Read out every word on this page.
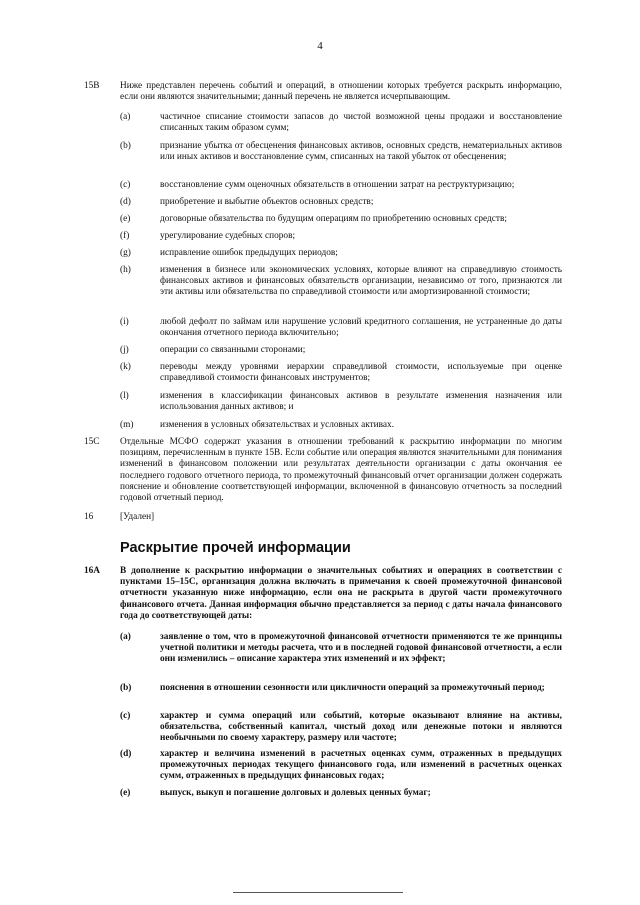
4
15B Ниже представлен перечень событий и операций, в отношении которых требуется раскрыть информацию, если они являются значительными; данный перечень не является исчерпывающим.
(a)	частичное списание стоимости запасов до чистой возможной цены продажи и восстановление списанных таким образом сумм;
(b)	признание убытка от обесценения финансовых активов, основных средств, нематериальных активов или иных активов и восстановление сумм, списанных на такой убыток от обесценения;
(c)	восстановление сумм оценочных обязательств в отношении затрат на реструктуризацию;
(d)	приобретение и выбытие объектов основных средств;
(e)	договорные обязательства по будущим операциям по приобретению основных средств;
(f)	урегулирование судебных споров;
(g)	исправление ошибок предыдущих периодов;
(h)	изменения в бизнесе или экономических условиях, которые влияют на справедливую стоимость финансовых активов и финансовых обязательств организации, независимо от того, признаются ли эти активы или обязательства по справедливой стоимости или амортизированной стоимости;
(i)	любой дефолт по займам или нарушение условий кредитного соглашения, не устраненные до даты окончания отчетного периода включительно;
(j)	операции со связанными сторонами;
(k)	переводы между уровнями иерархии справедливой стоимости, используемые при оценке справедливой стоимости финансовых инструментов;
(l)	изменения в классификации финансовых активов в результате изменения назначения или использования данных активов; и
(m)	изменения в условных обязательствах и условных активах.
15C Отдельные МСФО содержат указания в отношении требований к раскрытию информации по многим позициям, перечисленным в пункте 15B. Если событие или операция являются значительными для понимания изменений в финансовом положении или результатах деятельности организации с даты окончания ее последнего годового отчетного периода, то промежуточный финансовый отчет организации должен содержать пояснение и обновление соответствующей информации, включенной в финансовую отчетность за последний годовой отчетный период.
16	[Удален]
Раскрытие прочей информации
16A В дополнение к раскрытию информации о значительных событиях и операциях в соответствии с пунктами 15–15C, организация должна включать в примечания к своей промежуточной финансовой отчетности указанную ниже информацию, если она не раскрыта в другой части промежуточного финансового отчета. Данная информация обычно представляется за период с даты начала финансового года до соответствующей даты:
(a)	заявление о том, что в промежуточной финансовой отчетности применяются те же принципы учетной политики и методы расчета, что и в последней годовой финансовой отчетности, а если они изменились – описание характера этих изменений и их эффект;
(b)	пояснения в отношении сезонности или цикличности операций за промежуточный период;
(c)	характер и сумма операций или событий, которые оказывают влияние на активы, обязательства, собственный капитал, чистый доход или денежные потоки и являются необычными по своему характеру, размеру или частоте;
(d)	характер и величина изменений в расчетных оценках сумм, отраженных в предыдущих промежуточных периодах текущего финансового года, или изменений в расчетных оценках сумм, отраженных в предыдущих финансовых годах;
(e)	выпуск, выкуп и погашение долговых и долевых ценных бумаг;
